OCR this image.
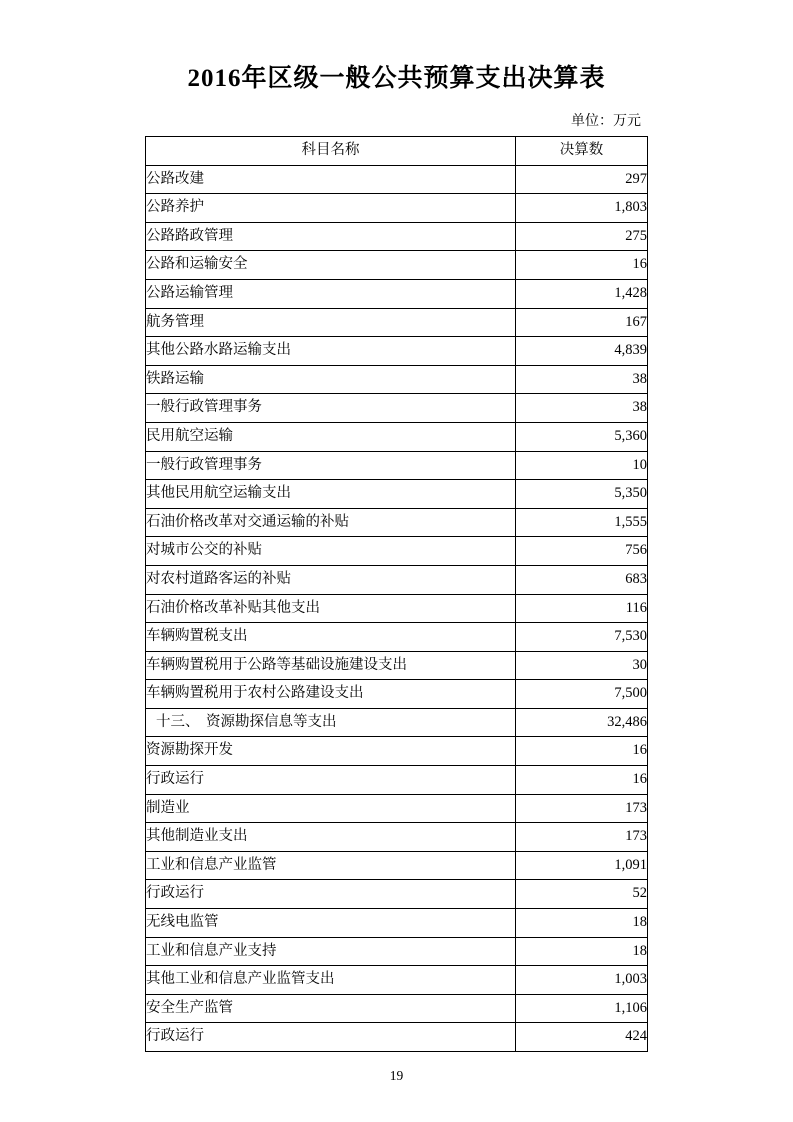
2016年区级一般公共预算支出决算表
单位：万元
科目名称	决算数
公路改建	297
公路养护	1,803
公路路政管理	275
公路和运输安全	16
公路运输管理	1,428
航务管理	167
其他公路水路运输支出	4,839
铁路运输	38
一般行政管理事务	38
民用航空运输	5,360
一般行政管理事务	10
其他民用航空运输支出	5,350
石油价格改革对交通运输的补贴	1,555
对城市公交的补贴	756
对农村道路客运的补贴	683
石油价格改革补贴其他支出	116
车辆购置税支出	7,530
车辆购置税用于公路等基础设施建设支出	30
车辆购置税用于农村公路建设支出	7,500
十三、 资源勘探信息等支出	32,486
资源勘探开发	16
行政运行	16
制造业	173
其他制造业支出	173
工业和信息产业监管	1,091
行政运行	52
无线电监管	18
工业和信息产业支持	18
其他工业和信息产业监管支出	1,003
安全生产监管	1,106
行政运行	424
19
